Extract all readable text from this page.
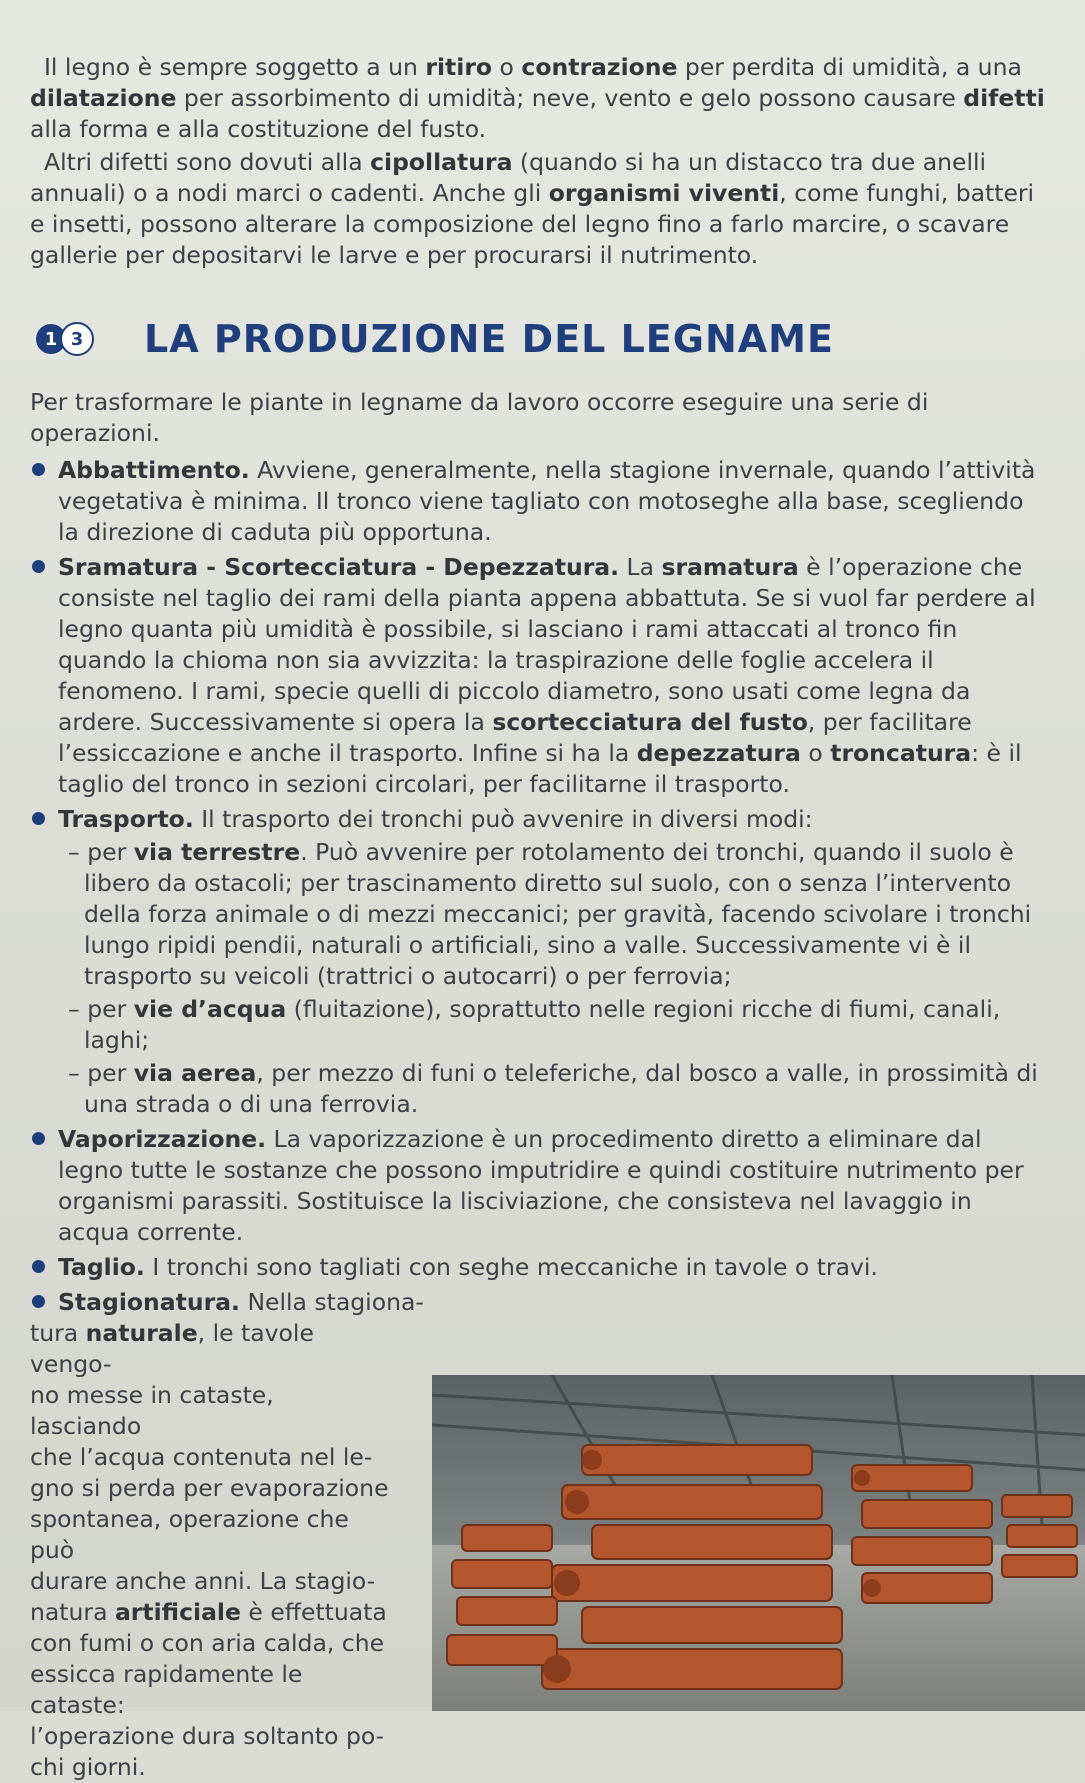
Il legno è sempre soggetto a un ritiro o contrazione per perdita di umidità, a una dilatazione per assorbimento di umidità; neve, vento e gelo possono causare difetti alla forma e alla costituzione del fusto.

Altri difetti sono dovuti alla cipollatura (quando si ha un distacco tra due anelli annuali) o a nodi marci o cadenti. Anche gli organismi viventi, come funghi, batteri e insetti, possono alterare la composizione del legno fino a farlo marcire, o scavare gallerie per depositarvi le larve e per procurarsi il nutrimento.

1 3 LA PRODUZIONE DEL LEGNAME

Per trasformare le piante in legname da lavoro occorre eseguire una serie di operazioni.

Abbattimento. Avviene, generalmente, nella stagione invernale, quando l’attività vegetativa è minima. Il tronco viene tagliato con motoseghe alla base, scegliendo la direzione di caduta più opportuna.

Sramatura - Scortecciatura - Depezzatura. La sramatura è l’operazione che consiste nel taglio dei rami della pianta appena abbattuta. Se si vuol far perdere al legno quanta più umidità è possibile, si lasciano i rami attaccati al tronco fin quando la chioma non sia avvizzita: la traspirazione delle foglie accelera il fenomeno. I rami, specie quelli di piccolo diametro, sono usati come legna da ardere. Successivamente si opera la scortecciatura del fusto, per facilitare l’essiccazione e anche il trasporto. Infine si ha la depezzatura o troncatura: è il taglio del tronco in sezioni circolari, per facilitarne il trasporto.

Trasporto. Il trasporto dei tronchi può avvenire in diversi modi:

– per via terrestre. Può avvenire per rotolamento dei tronchi, quando il suolo è libero da ostacoli; per trascinamento diretto sul suolo, con o senza l’intervento della forza animale o di mezzi meccanici; per gravità, facendo scivolare i tronchi lungo ripidi pendii, naturali o artificiali, sino a valle. Successivamente vi è il trasporto su veicoli (trattrici o autocarri) o per ferrovia;

– per vie d’acqua (fluitazione), soprattutto nelle regioni ricche di fiumi, canali, laghi;

– per via aerea, per mezzo di funi o teleferiche, dal bosco a valle, in prossimità di una strada o di una ferrovia.

Vaporizzazione. La vaporizzazione è un procedimento diretto a eliminare dal legno tutte le sostanze che possono imputridire e quindi costituire nutrimento per organismi parassiti. Sostituisce la lisciviazione, che consisteva nel lavaggio in acqua corrente.

Taglio. I tronchi sono tagliati con seghe meccaniche in tavole o travi.

Stagionatura. Nella stagiona-

tura naturale, le tavole vengo-

no messe in cataste, lasciando

che l’acqua contenuta nel le-

gno si perda per evaporazione

spontanea, operazione che può

durare anche anni. La stagio-

natura artificiale è effettuata

con fumi o con aria calda, che

essicca rapidamente le cataste:

l’operazione dura soltanto po-

chi giorni.
